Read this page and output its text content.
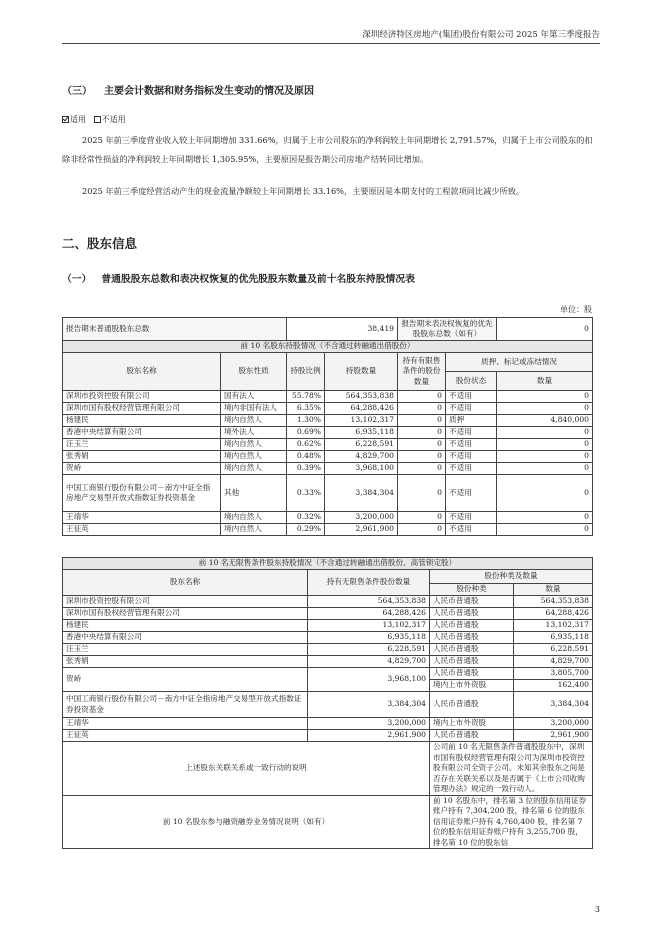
深圳经济特区房地产(集团)股份有限公司 2025 年第三季度报告
（三） 主要会计数据和财务指标发生变动的情况及原因
适用 不适用

2025 年前三季度营业收入较上年同期增加 331.66%，归属于上市公司股东的净利润较上年同期增长 2,791.57%，归属于上市公司股东的扣除非经常性损益的净利润较上年同期增长 1,305.95%，主要原因是报告期公司房地产结转同比增加。

2025 年前三季度经营活动产生的现金流量净额较上年同期增长 33.16%，主要原因是本期支付的工程款项同比减少所致。

二、股东信息
（一） 普通股股东总数和表决权恢复的优先股股东数量及前十名股东持股情况表
单位：股
报告期末普通股股东总数		38,419		报告期末表决权恢复的优先股股东总数（如有）		0
前 10 名股东持股情况（不含通过转融通出借股份）						
股东名称	股东性质	持股比例	持股数量	持有有限售条件的股份数量	质押、标记或冻结情况	
					股份状态	数量
深圳市投资控股有限公司	国有法人	55.78%	564,353,838	0	不适用	0
深圳市国有股权经营管理有限公司	境内非国有法人	6.35%	64,288,426	0	不适用	0
杨建民	境内自然人	1.30%	13,102,317	0	质押	4,840,000
香港中央结算有限公司	境外法人	0.69%	6,935,118	0	不适用	0
汪玉兰	境内自然人	0.62%	6,228,591	0	不适用	0
张秀娟	境内自然人	0.48%	4,829,700	0	不适用	0
贺峤	境内自然人	0.39%	3,968,100	0	不适用	0
中国工商银行股份有限公司－南方中证全指房地产交易型开放式指数证券投资基金	其他	0.33%	3,384,304	0	不适用	0
王靖华	境内自然人	0.32%	3,200,000	0	不适用	0
王征英	境内自然人	0.29%	2,961,900	0	不适用	0
前 10 名无限售条件股东持股情况（不含通过转融通出借股份、高管锁定股）			
股东名称	持有无限售条件股份数量	股份种类及数量	
		股份种类	数量
深圳市投资控股有限公司	564,353,838	人民币普通股	564,353,838
深圳市国有股权经营管理有限公司	64,288,426	人民币普通股	64,288,426
杨建民	13,102,317	人民币普通股	13,102,317
香港中央结算有限公司	6,935,118	人民币普通股	6,935,118
汪玉兰	6,228,591	人民币普通股	6,228,591
张秀娟	4,829,700	人民币普通股	4,829,700
贺峤	3,968,100	人民币普通股	3,805,700
		境内上市外资股	162,400
中国工商银行股份有限公司－南方中证全指房地产交易型开放式指数证券投资基金	3,384,304	人民币普通股	3,384,304
王靖华	3,200,000	境内上市外资股	3,200,000
王征英	2,961,900	人民币普通股	2,961,900
上述股东关联关系或一致行动的说明		公司前 10 名无限售条件普通股股东中，深圳市国有股权经营管理有限公司为深圳市投资控股有限公司全资子公司。未知其余股东之间是否存在关联关系以及是否属于《上市公司收购管理办法》规定的一致行动人。	
前 10 名股东参与融资融券业务情况说明（如有）		前 10 名股东中，排名第 3 位的股东信用证券账户持有 7,304,200 股，排名第 6 位的股东信用证券账户持有 4,760,400 股，排名第 7 位的股东信用证券账户持有 3,255,700 股，排名第 10 位的股东信	
3
